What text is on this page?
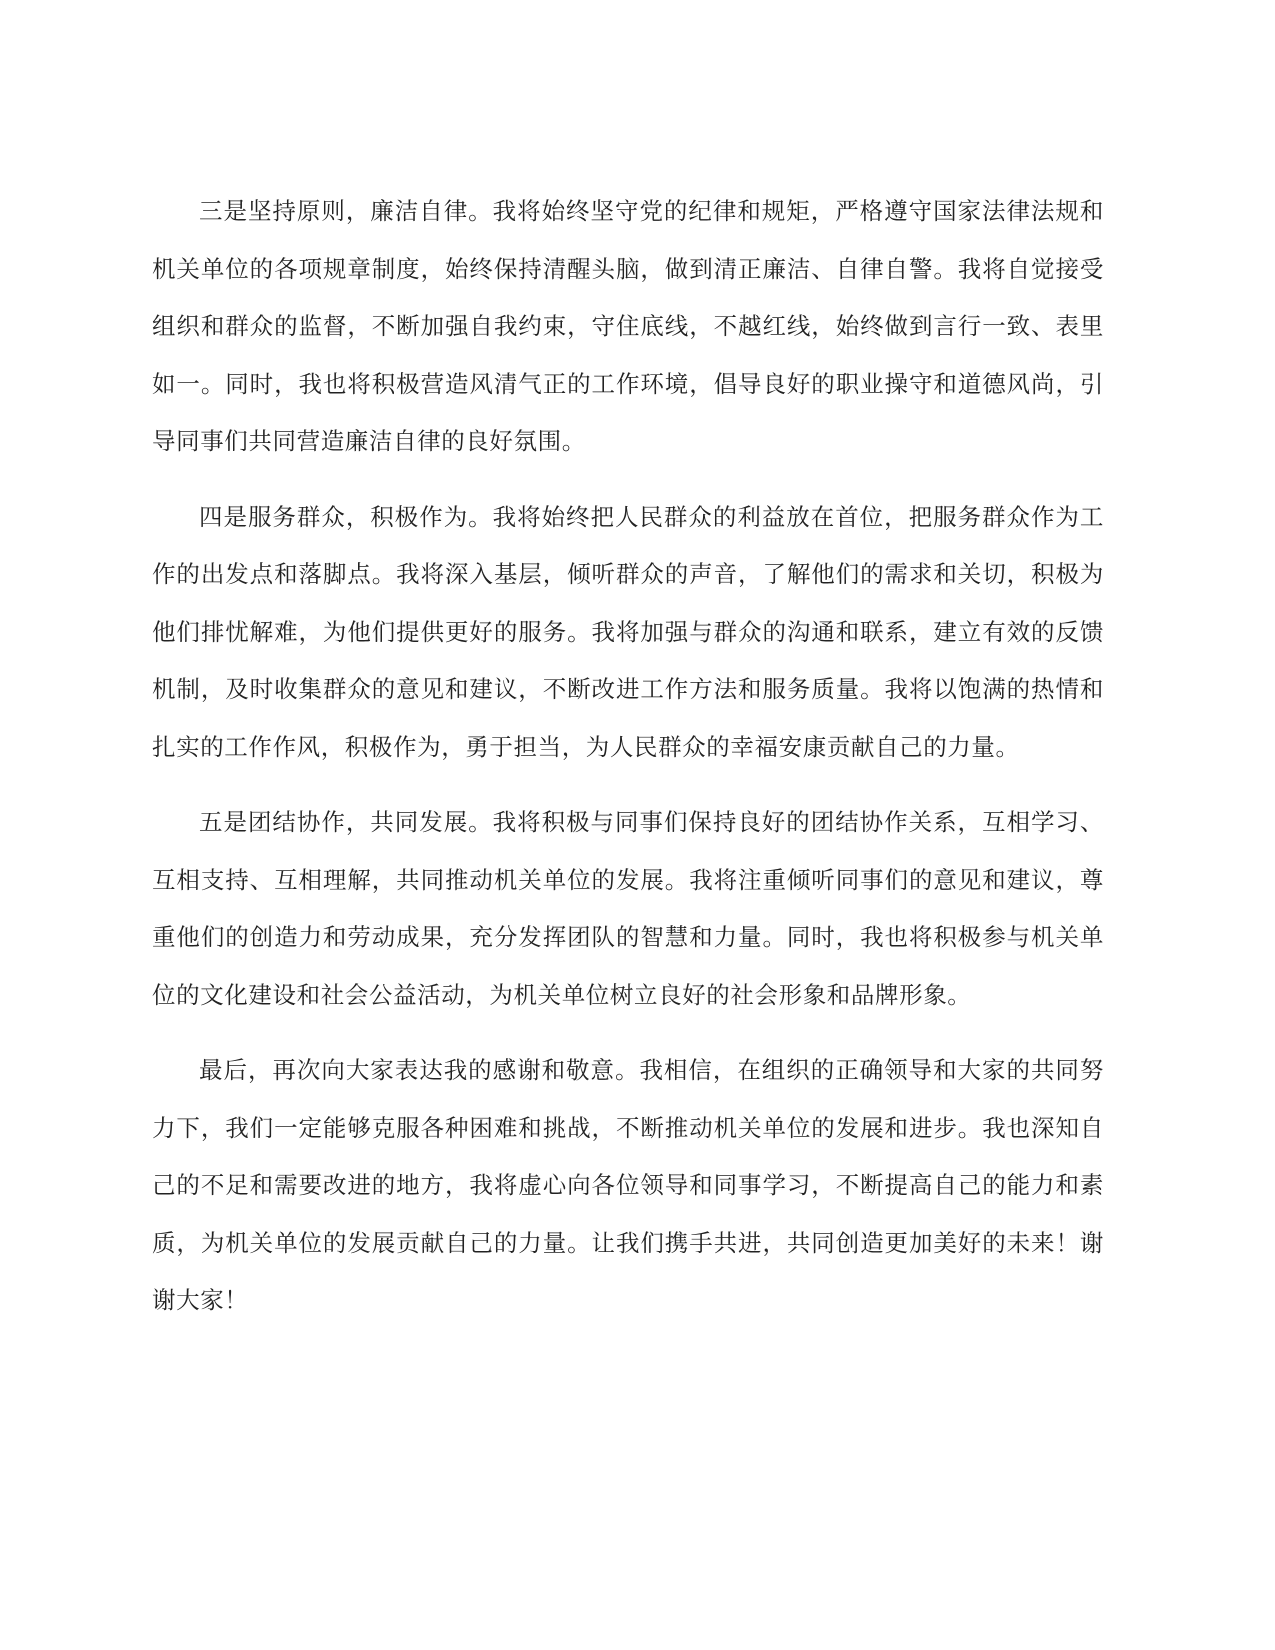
三是坚持原则，廉洁自律。我将始终坚守党的纪律和规矩，严格遵守国家法律法规和机关单位的各项规章制度，始终保持清醒头脑，做到清正廉洁、自律自警。我将自觉接受组织和群众的监督，不断加强自我约束，守住底线，不越红线，始终做到言行一致、表里如一。同时，我也将积极营造风清气正的工作环境，倡导良好的职业操守和道德风尚，引导同事们共同营造廉洁自律的良好氛围。

四是服务群众，积极作为。我将始终把人民群众的利益放在首位，把服务群众作为工作的出发点和落脚点。我将深入基层，倾听群众的声音，了解他们的需求和关切，积极为他们排忧解难，为他们提供更好的服务。我将加强与群众的沟通和联系，建立有效的反馈机制，及时收集群众的意见和建议，不断改进工作方法和服务质量。我将以饱满的热情和扎实的工作作风，积极作为，勇于担当，为人民群众的幸福安康贡献自己的力量。

五是团结协作，共同发展。我将积极与同事们保持良好的团结协作关系，互相学习、互相支持、互相理解，共同推动机关单位的发展。我将注重倾听同事们的意见和建议，尊重他们的创造力和劳动成果，充分发挥团队的智慧和力量。同时，我也将积极参与机关单位的文化建设和社会公益活动，为机关单位树立良好的社会形象和品牌形象。

最后，再次向大家表达我的感谢和敬意。我相信，在组织的正确领导和大家的共同努力下，我们一定能够克服各种困难和挑战，不断推动机关单位的发展和进步。我也深知自己的不足和需要改进的地方，我将虚心向各位领导和同事学习，不断提高自己的能力和素质，为机关单位的发展贡献自己的力量。让我们携手共进，共同创造更加美好的未来！谢谢大家！
